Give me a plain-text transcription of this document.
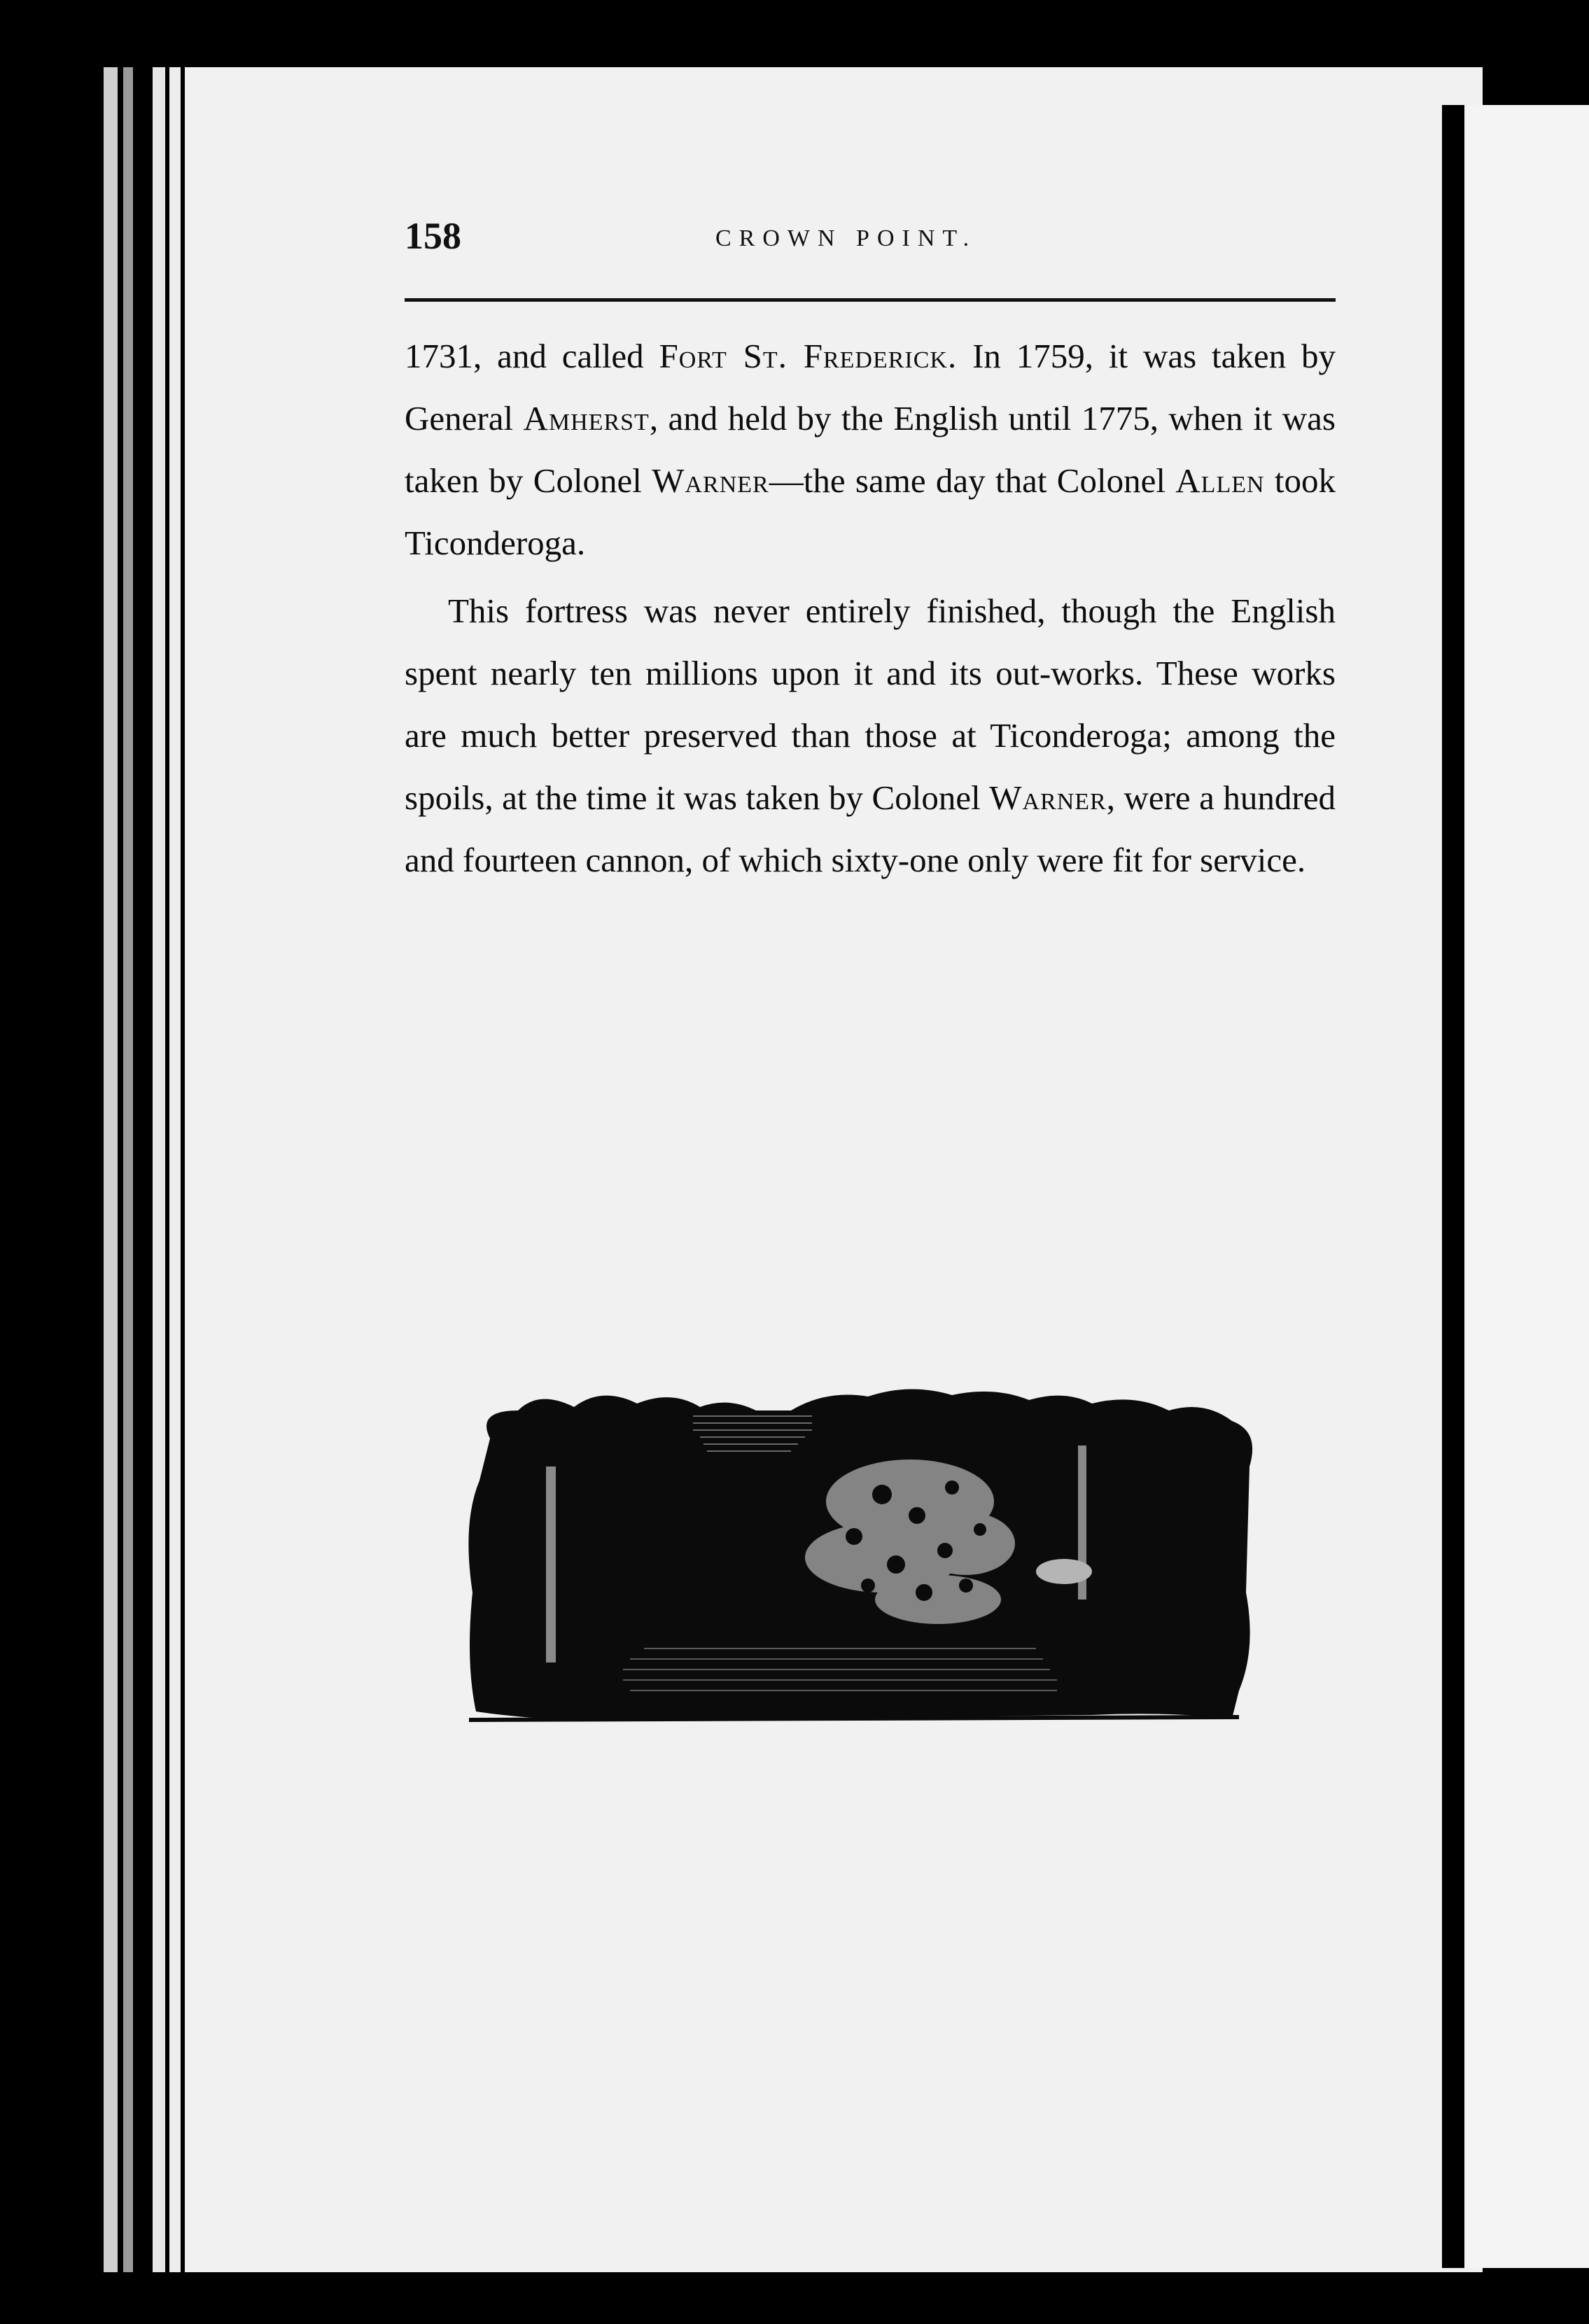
158	CROWN POINT.

1731, and called Fort St. Frederick. In 1759, it was taken by General Amherst, and held by the English until 1775, when it was taken by Colonel Warner—the same day that Colonel Allen took Ticonderoga.

This fortress was never entirely finished, though the English spent nearly ten millions upon it and its out-works. These works are much better preserved than those at Ticonderoga; among the spoils, at the time it was taken by Colonel Warner, were a hundred and fourteen cannon, of which sixty-one only were fit for service.
